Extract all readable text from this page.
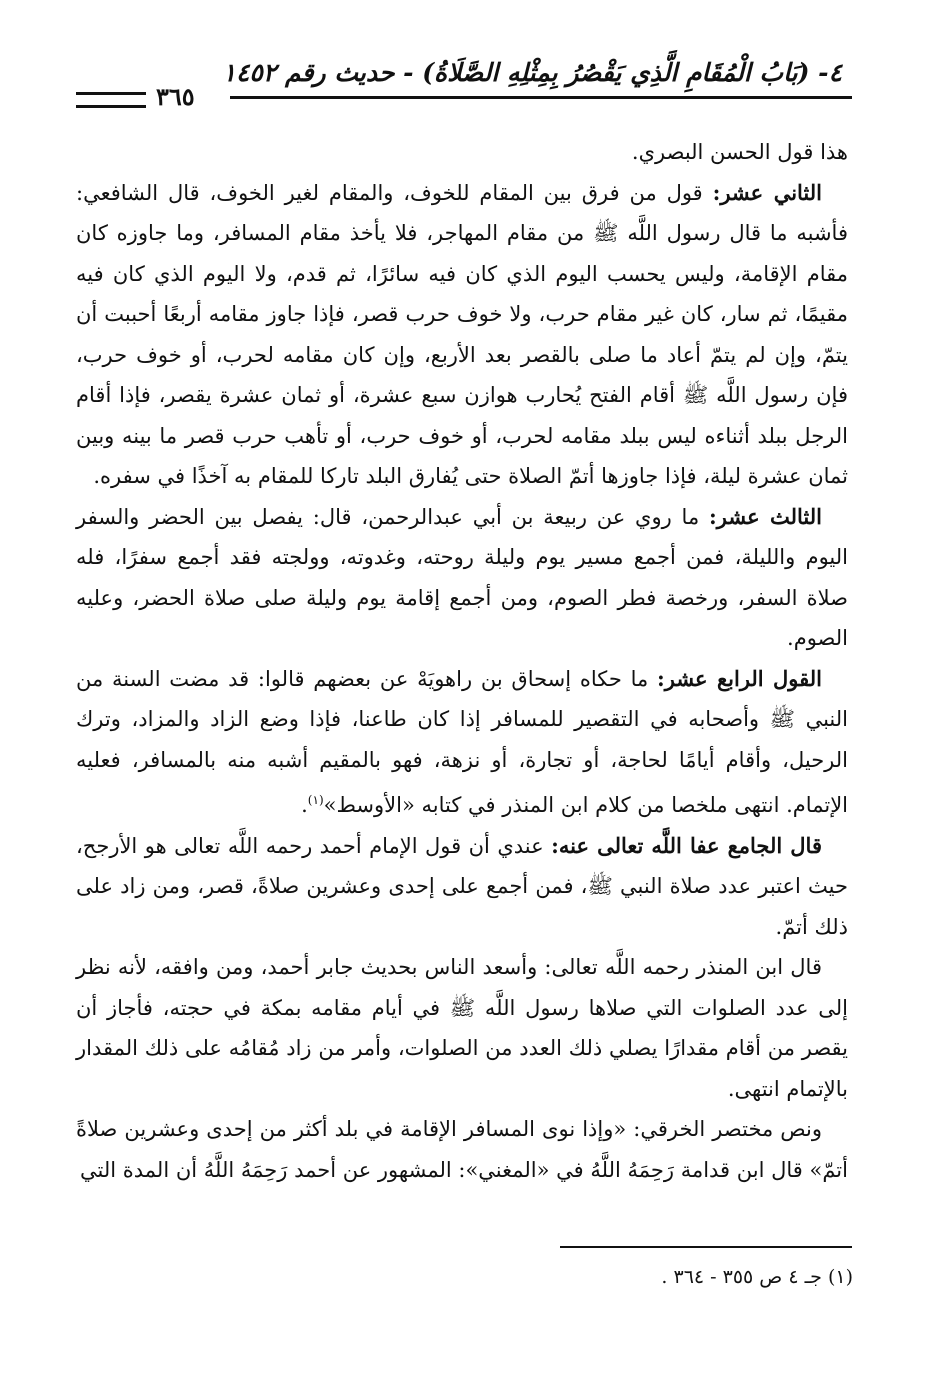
٤- (بَابُ الْمُقَامِ الَّذِي يَقْصُرُ بِمِثْلِهِ الصَّلَاةُ) - حديث رقم ١٤٥٢
٣٦٥

هذا قول الحسن البصري.

الثاني عشر: قول من فرق بين المقام للخوف، والمقام لغير الخوف، قال الشافعي: فأشبه ما قال رسول اللَّه ﷺ من مقام المهاجر، فلا يأخذ مقام المسافر، وما جاوزه كان مقام الإقامة، وليس يحسب اليوم الذي كان فيه سائرًا، ثم قدم، ولا اليوم الذي كان فيه مقيمًا، ثم سار، كان غير مقام حرب، ولا خوف حرب قصر، فإذا جاوز مقامه أربعًا أحببت أن يتمّ، وإن لم يتمّ أعاد ما صلى بالقصر بعد الأربع، وإن كان مقامه لحرب، أو خوف حرب، فإن رسول اللَّه ﷺ أقام الفتح يُحارب هوازن سبع عشرة، أو ثمان عشرة يقصر، فإذا أقام الرجل ببلد أثناءه ليس ببلد مقامه لحرب، أو خوف حرب، أو تأهب حرب قصر ما بينه وبين ثمان عشرة ليلة، فإذا جاوزها أتمّ الصلاة حتى يُفارق البلد تاركا للمقام به آخذًا في سفره.

الثالث عشر: ما روي عن ربيعة بن أبي عبدالرحمن، قال: يفصل بين الحضر والسفر اليوم والليلة، فمن أجمع مسير يوم وليلة روحته، وغدوته، وولجته فقد أجمع سفرًا، فله صلاة السفر، ورخصة فطر الصوم، ومن أجمع إقامة يوم وليلة صلى صلاة الحضر، وعليه الصوم.

القول الرابع عشر: ما حكاه إسحاق بن راهويَهْ عن بعضهم قالوا: قد مضت السنة من النبي ﷺ وأصحابه في التقصير للمسافر إذا كان طاعنا، فإذا وضع الزاد والمزاد، وترك الرحيل، وأقام أيامًا لحاجة، أو تجارة، أو نزهة، فهو بالمقيم أشبه منه بالمسافر، فعليه الإتمام. انتهى ملخصا من كلام ابن المنذر في كتابه «الأوسط»$^{(١)}$.

قال الجامع عفا اللَّه تعالى عنه: عندي أن قول الإمام أحمد رحمه اللَّه تعالى هو الأرجح، حيث اعتبر عدد صلاة النبي ﷺ، فمن أجمع على إحدى وعشرين صلاةً، قصر، ومن زاد على ذلك أتمّ.

قال ابن المنذر رحمه اللَّه تعالى: وأسعد الناس بحديث جابر أحمد، ومن وافقه، لأنه نظر إلى عدد الصلوات التي صلاها رسول اللَّه ﷺ في أيام مقامه بمكة في حجته، فأجاز أن يقصر من أقام مقدارًا يصلي ذلك العدد من الصلوات، وأمر من زاد مُقامُه على ذلك المقدار بالإتمام انتهى.

ونص مختصر الخرقي: «وإذا نوى المسافر الإقامة في بلد أكثر من إحدى وعشرين صلاةً أتمّ» قال ابن قدامة رَحِمَهُ اللَّهُ في «المغني»: المشهور عن أحمد رَحِمَهُ اللَّهُ أن المدة التي

(١) جـ ٤ ص ٣٥٥ - ٣٦٤ .
